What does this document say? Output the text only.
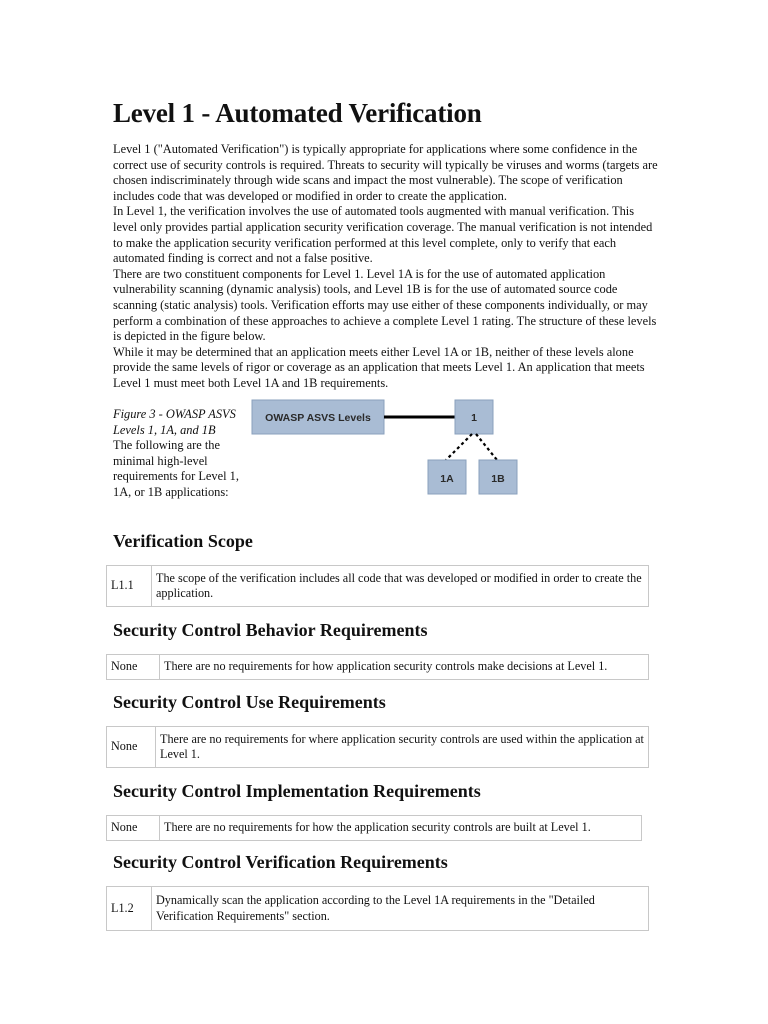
Level 1 - Automated Verification

Level 1 ("Automated Verification") is typically appropriate for applications where some confidence in the correct use of security controls is required. Threats to security will typically be viruses and worms (targets are chosen indiscriminately through wide scans and impact the most vulnerable). The scope of verification includes code that was developed or modified in order to create the application.

In Level 1, the verification involves the use of automated tools augmented with manual verification. This level only provides partial application security verification coverage. The manual verification is not intended to make the application security verification performed at this level complete, only to verify that each automated finding is correct and not a false positive.

There are two constituent components for Level 1. Level 1A is for the use of automated application vulnerability scanning (dynamic analysis) tools, and Level 1B is for the use of automated source code scanning (static analysis) tools. Verification efforts may use either of these components individually, or may perform a combination of these approaches to achieve a complete Level 1 rating. The structure of these levels is depicted in the figure below.

While it may be determined that an application meets either Level 1A or 1B, neither of these levels alone provide the same levels of rigor or coverage as an application that meets Level 1. An application that meets Level 1 must meet both Level 1A and 1B requirements.

Figure 3 - OWASP ASVS Levels 1, 1A, and 1B
The following are the minimal high-level requirements for Level 1, 1A, or 1B applications:
OWASP ASVS Levels	1
1A	1B
Verification Scope
L1.1	The scope of the verification includes all code that was developed or modified in order to create the application.
Security Control Behavior Requirements
None	There are no requirements for how application security controls make decisions at Level 1.
Security Control Use Requirements
None	There are no requirements for where application security controls are used within the application at Level 1.
Security Control Implementation Requirements
None	There are no requirements for how the application security controls are built at Level 1.
Security Control Verification Requirements
L1.2	Dynamically scan the application according to the Level 1A requirements in the "Detailed Verification Requirements" section.
